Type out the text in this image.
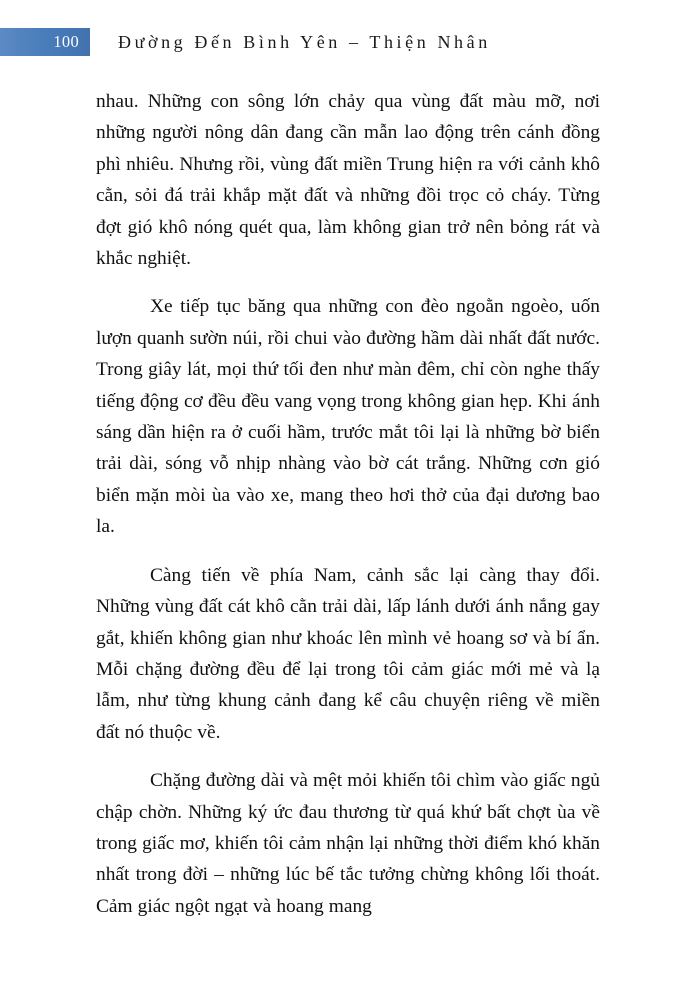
100 Đường Đến Bình Yên – Thiện Nhân

nhau. Những con sông lớn chảy qua vùng đất màu mỡ, nơi những người nông dân đang cần mẫn lao động trên cánh đồng phì nhiêu. Nhưng rồi, vùng đất miền Trung hiện ra với cảnh khô cằn, sỏi đá trải khắp mặt đất và những đồi trọc cỏ cháy. Từng đợt gió khô nóng quét qua, làm không gian trở nên bỏng rát và khắc nghiệt.

Xe tiếp tục băng qua những con đèo ngoằn ngoèo, uốn lượn quanh sườn núi, rồi chui vào đường hầm dài nhất đất nước. Trong giây lát, mọi thứ tối đen như màn đêm, chỉ còn nghe thấy tiếng động cơ đều đều vang vọng trong không gian hẹp. Khi ánh sáng dần hiện ra ở cuối hầm, trước mắt tôi lại là những bờ biển trải dài, sóng vỗ nhịp nhàng vào bờ cát trắng. Những cơn gió biển mặn mòi ùa vào xe, mang theo hơi thở của đại dương bao la.

Càng tiến về phía Nam, cảnh sắc lại càng thay đổi. Những vùng đất cát khô cằn trải dài, lấp lánh dưới ánh nắng gay gắt, khiến không gian như khoác lên mình vẻ hoang sơ và bí ẩn. Mỗi chặng đường đều để lại trong tôi cảm giác mới mẻ và lạ lẫm, như từng khung cảnh đang kể câu chuyện riêng về miền đất nó thuộc về.

Chặng đường dài và mệt mỏi khiến tôi chìm vào giấc ngủ chập chờn. Những ký ức đau thương từ quá khứ bất chợt ùa về trong giấc mơ, khiến tôi cảm nhận lại những thời điểm khó khăn nhất trong đời – những lúc bế tắc tưởng chừng không lối thoát. Cảm giác ngột ngạt và hoang mang
